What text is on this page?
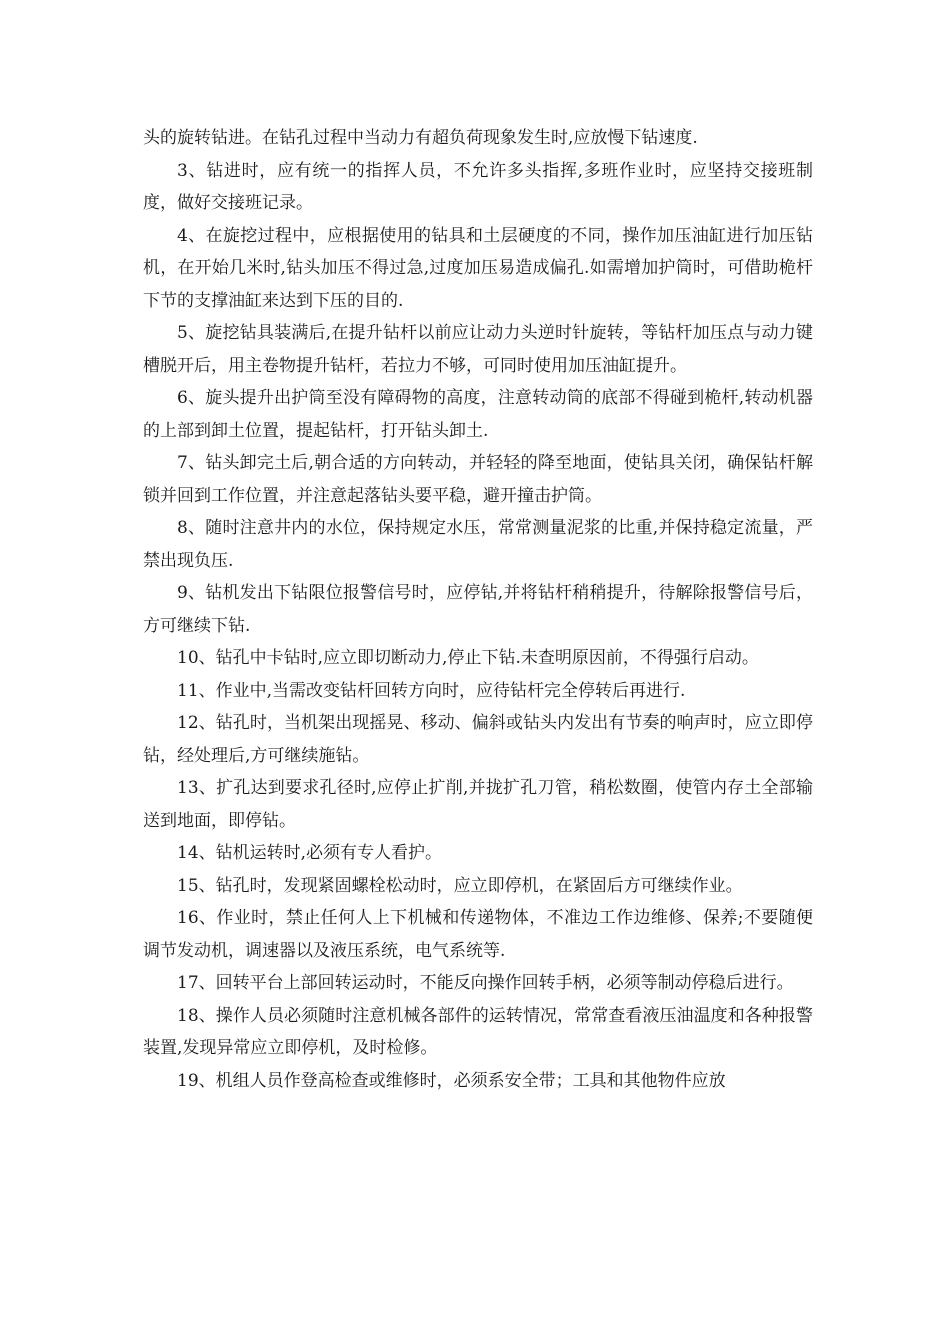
头的旋转钻进。在钻孔过程中当动力有超负荷现象发生时,应放慢下钻速度.

3、钻进时，应有统一的指挥人员，不允许多头指挥,多班作业时，应坚持交接班制度，做好交接班记录。

4、在旋挖过程中，应根据使用的钻具和土层硬度的不同，操作加压油缸进行加压钻机，在开始几米时,钻头加压不得过急,过度加压易造成偏孔.如需增加护筒时，可借助桅杆下节的支撑油缸来达到下压的目的.

5、旋挖钻具装满后,在提升钻杆以前应让动力头逆时针旋转，等钻杆加压点与动力键槽脱开后，用主卷物提升钻杆，若拉力不够，可同时使用加压油缸提升。

6、旋头提升出护筒至没有障碍物的高度，注意转动筒的底部不得碰到桅杆,转动机器的上部到卸土位置，提起钻杆，打开钻头卸土.

7、钻头卸完土后,朝合适的方向转动，并轻轻的降至地面，使钻具关闭，确保钻杆解锁并回到工作位置，并注意起落钻头要平稳，避开撞击护筒。

8、随时注意井内的水位，保持规定水压，常常测量泥浆的比重,并保持稳定流量，严禁出现负压.

9、钻机发出下钻限位报警信号时，应停钻,并将钻杆稍稍提升，待解除报警信号后，方可继续下钻.

10、钻孔中卡钻时,应立即切断动力,停止下钻.未查明原因前，不得强行启动。

11、作业中,当需改变钻杆回转方向时，应待钻杆完全停转后再进行.

12、钻孔时，当机架出现摇晃、移动、偏斜或钻头内发出有节奏的响声时，应立即停钻，经处理后,方可继续施钻。

13、扩孔达到要求孔径时,应停止扩削,并拢扩孔刀管，稍松数圈，使管内存土全部输送到地面，即停钻。

14、钻机运转时,必须有专人看护。

15、钻孔时，发现紧固螺栓松动时，应立即停机，在紧固后方可继续作业。

16、作业时，禁止任何人上下机械和传递物体，不准边工作边维修、保养;不要随便调节发动机，调速器以及液压系统，电气系统等.

17、回转平台上部回转运动时，不能反向操作回转手柄，必须等制动停稳后进行。

18、操作人员必须随时注意机械各部件的运转情况，常常查看液压油温度和各种报警装置,发现异常应立即停机，及时检修。

19、机组人员作登高检查或维修时，必须系安全带；工具和其他物件应放
